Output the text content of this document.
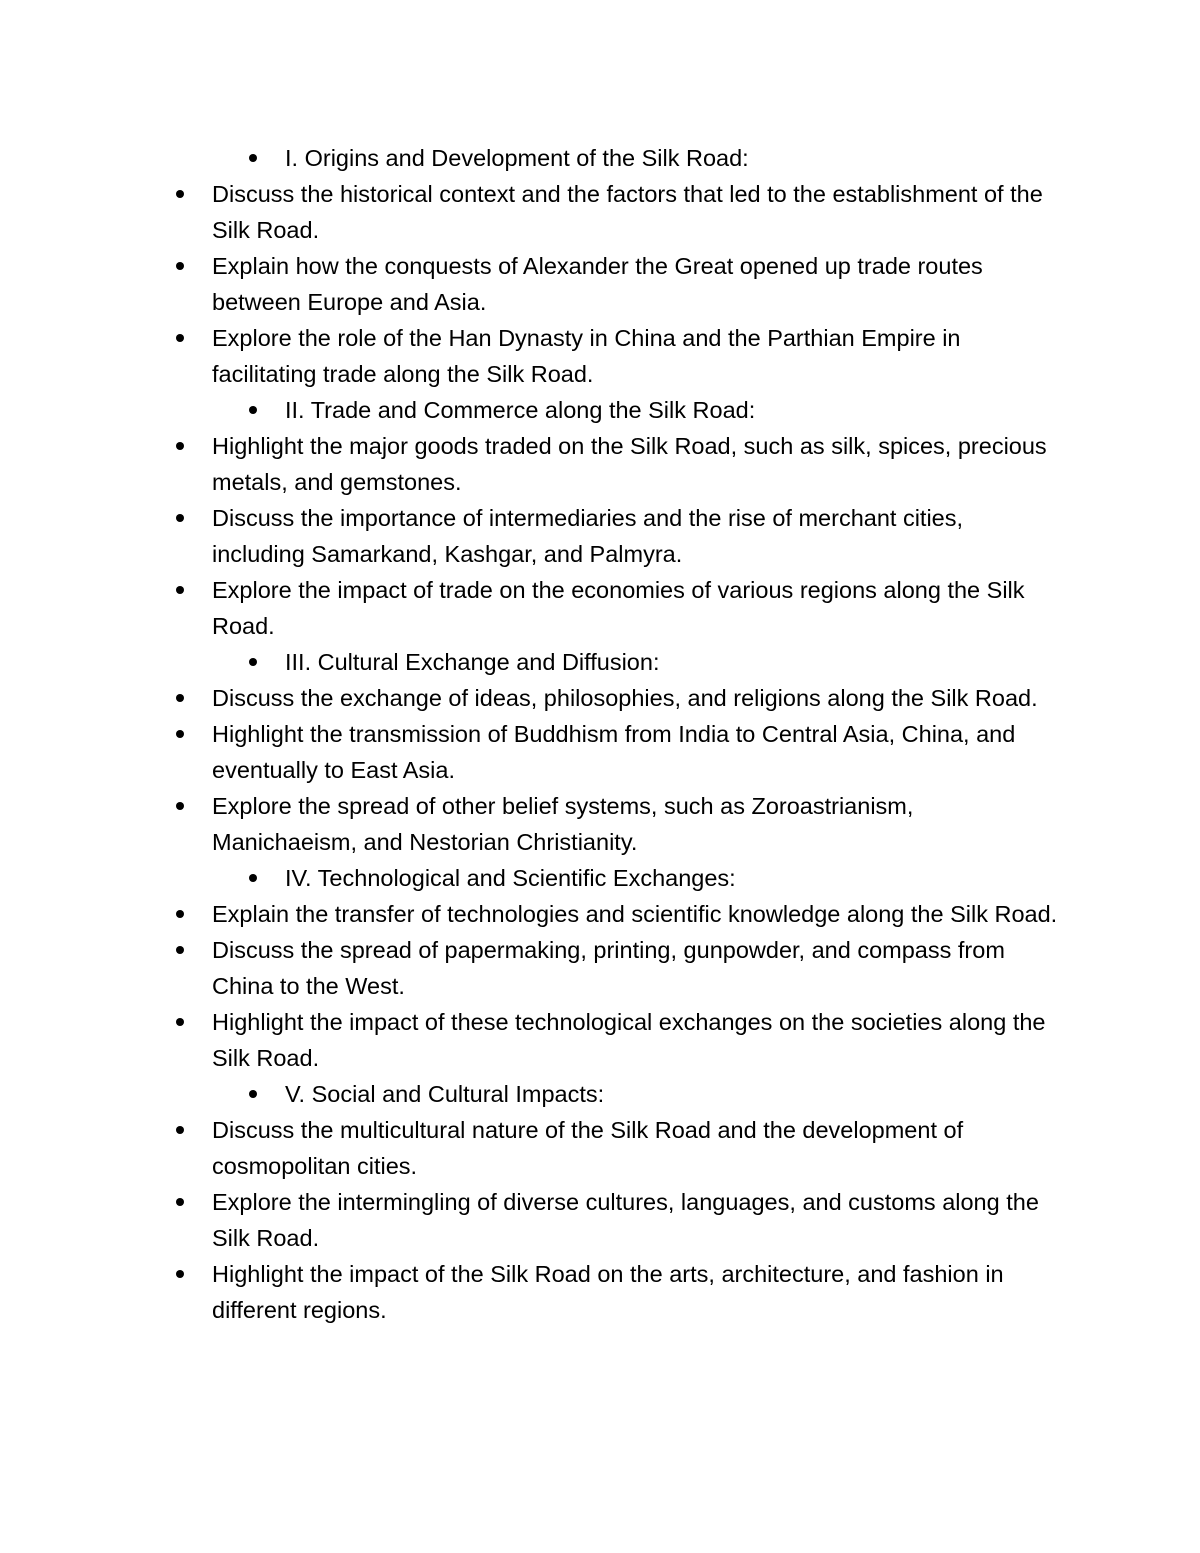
I. Origins and Development of the Silk Road:
Discuss the historical context and the factors that led to the establishment of the Silk Road.
Explain how the conquests of Alexander the Great opened up trade routes between Europe and Asia.
Explore the role of the Han Dynasty in China and the Parthian Empire in facilitating trade along the Silk Road.
II. Trade and Commerce along the Silk Road:
Highlight the major goods traded on the Silk Road, such as silk, spices, precious metals, and gemstones.
Discuss the importance of intermediaries and the rise of merchant cities, including Samarkand, Kashgar, and Palmyra.
Explore the impact of trade on the economies of various regions along the Silk Road.
III. Cultural Exchange and Diffusion:
Discuss the exchange of ideas, philosophies, and religions along the Silk Road.
Highlight the transmission of Buddhism from India to Central Asia, China, and eventually to East Asia.
Explore the spread of other belief systems, such as Zoroastrianism, Manichaeism, and Nestorian Christianity.
IV. Technological and Scientific Exchanges:
Explain the transfer of technologies and scientific knowledge along the Silk Road.
Discuss the spread of papermaking, printing, gunpowder, and compass from China to the West.
Highlight the impact of these technological exchanges on the societies along the Silk Road.
V. Social and Cultural Impacts:
Discuss the multicultural nature of the Silk Road and the development of cosmopolitan cities.
Explore the intermingling of diverse cultures, languages, and customs along the Silk Road.
Highlight the impact of the Silk Road on the arts, architecture, and fashion in different regions.
